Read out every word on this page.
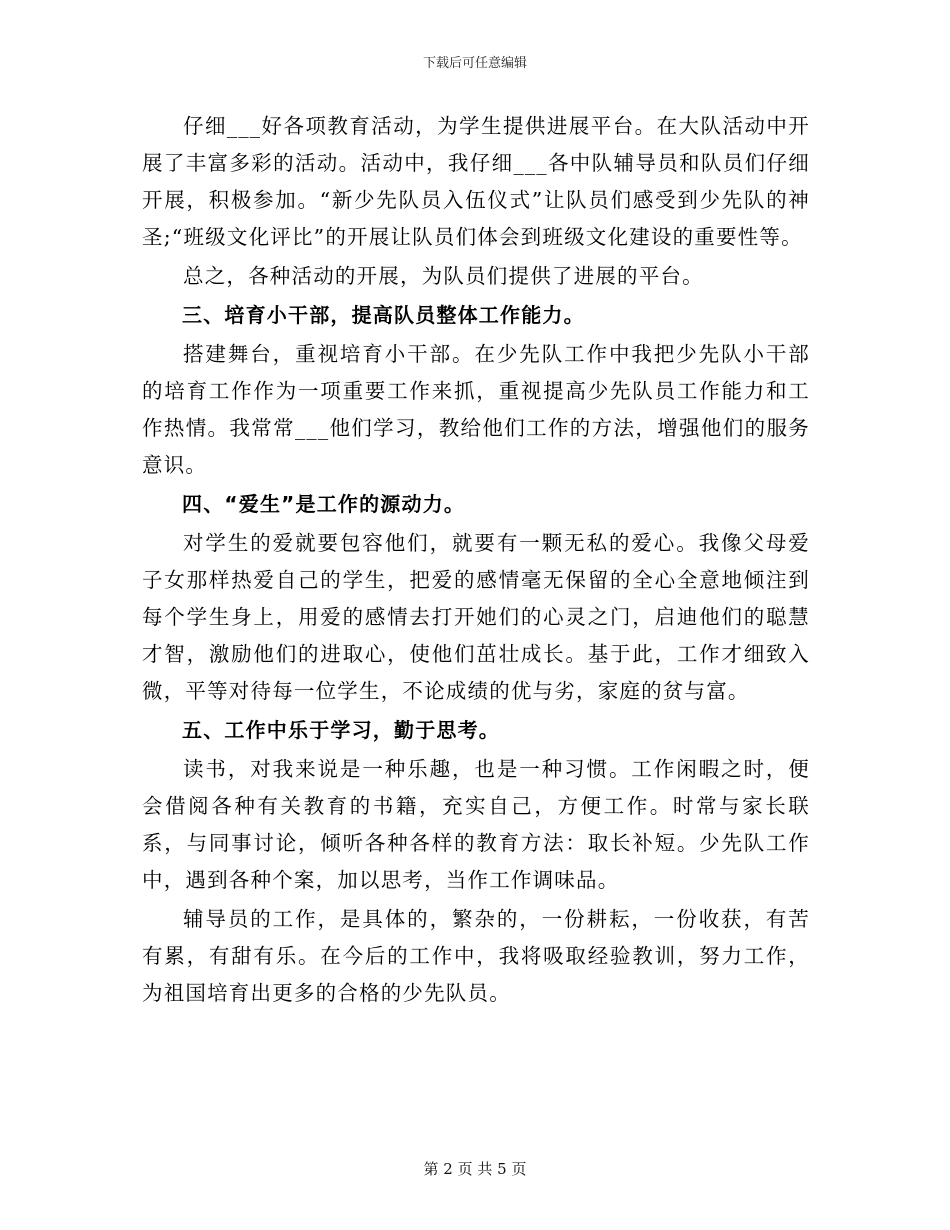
下载后可任意编辑

仔细___好各项教育活动，为学生提供进展平台。在大队活动中开展了丰富多彩的活动。活动中，我仔细___各中队辅导员和队员们仔细开展，积极参加。“新少先队员入伍仪式”让队员们感受到少先队的神圣;“班级文化评比”的开展让队员们体会到班级文化建设的重要性等。

总之，各种活动的开展，为队员们提供了进展的平台。

三、培育小干部，提高队员整体工作能力。

搭建舞台，重视培育小干部。在少先队工作中我把少先队小干部的培育工作作为一项重要工作来抓，重视提高少先队员工作能力和工作热情。我常常___他们学习，教给他们工作的方法，增强他们的服务意识。

四、“爱生”是工作的源动力。

对学生的爱就要包容他们，就要有一颗无私的爱心。我像父母爱子女那样热爱自己的学生，把爱的感情毫无保留的全心全意地倾注到每个学生身上，用爱的感情去打开她们的心灵之门，启迪他们的聪慧才智，激励他们的进取心，使他们茁壮成长。基于此，工作才细致入微，平等对待每一位学生，不论成绩的优与劣，家庭的贫与富。

五、工作中乐于学习，勤于思考。

读书，对我来说是一种乐趣，也是一种习惯。工作闲暇之时，便会借阅各种有关教育的书籍，充实自己，方便工作。时常与家长联系，与同事讨论，倾听各种各样的教育方法：取长补短。少先队工作中，遇到各种个案，加以思考，当作工作调味品。

辅导员的工作，是具体的，繁杂的，一份耕耘，一份收获，有苦有累，有甜有乐。在今后的工作中，我将吸取经验教训，努力工作，为祖国培育出更多的合格的少先队员。

第 2 页 共 5 页
